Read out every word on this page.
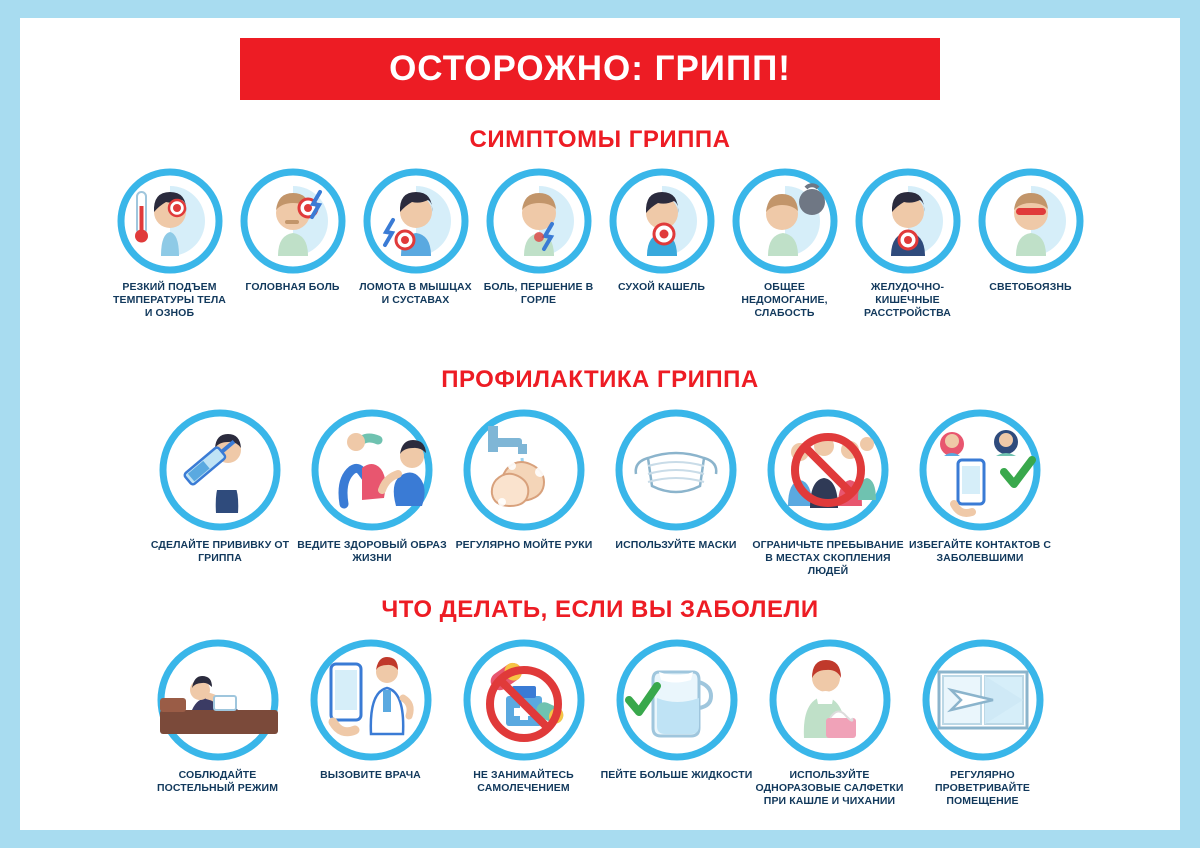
ОСТОРОЖНО: ГРИПП!
СИМПТОМЫ ГРИППА
РЕЗКИЙ ПОДЪЕМ ТЕМПЕРАТУРЫ ТЕЛА И ОЗНОБ
ГОЛОВНАЯ БОЛЬ	ЛОМОТА В МЫШЦАХ И СУСТАВАХ
БОЛЬ, ПЕРШЕНИЕ В ГОРЛЕ
СУХОЙ КАШЕЛЬ	ОБЩЕЕ НЕДОМОГАНИЕ, СЛАБОСТЬ
ЖЕЛУДОЧНО-КИШЕЧНЫЕ РАССТРОЙСТВА
СВЕТОБОЯЗНЬ
ПРОФИЛАКТИКА ГРИППА
СДЕЛАЙТЕ ПРИВИВКУ ОТ ГРИППА
ВЕДИТЕ ЗДОРОВЫЙ ОБРАЗ ЖИЗНИ
РЕГУЛЯРНО МОЙТЕ РУКИ	ИСПОЛЬЗУЙТЕ МАСКИ	ОГРАНИЧЬТЕ ПРЕБЫВАНИЕ В МЕСТАХ СКОПЛЕНИЯ ЛЮДЕЙ
ИЗБЕГАЙТЕ КОНТАКТОВ С ЗАБОЛЕВШИМИ
ЧТО ДЕЛАТЬ, ЕСЛИ ВЫ ЗАБОЛЕЛИ
СОБЛЮДАЙТЕ ПОСТЕЛЬНЫЙ РЕЖИМ
ВЫЗОВИТЕ ВРАЧА	НЕ ЗАНИМАЙТЕСЬ САМОЛЕЧЕНИЕМ
ПЕЙТЕ БОЛЬШЕ ЖИДКОСТИ	ИСПОЛЬЗУЙТЕ ОДНОРАЗОВЫЕ САЛФЕТКИ ПРИ КАШЛЕ И ЧИХАНИИ
РЕГУЛЯРНО ПРОВЕТРИВАЙТЕ ПОМЕЩЕНИЕ
